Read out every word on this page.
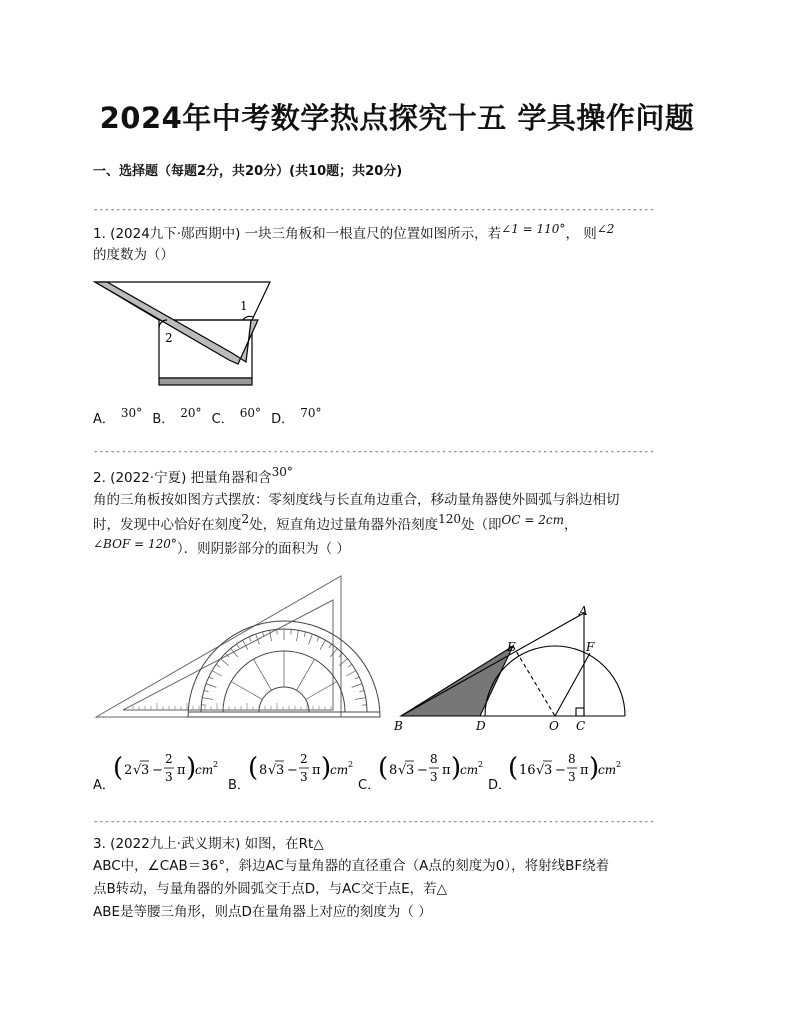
2024年中考数学热点探究十五 学具操作问题
一、选择题（每题2分，共20分）(共10题；共20分)
----------------------------------------------------------------------------------------------------
1. (2024九下·郧西期中) 一块三角板和一根直尺的位置如图所示，若∠1 = 110°， 则∠2
的度数为（）
1
2
A． 30° B． 20° C． 60° D． 70°
----------------------------------------------------------------------------------------------------
2. (2022·宁夏) 把量角器和含30°
角的三角板按如图方式摆放：零刻度线与长直角边重合，移动量角器使外圆弧与斜边相切
时，发现中心恰好在刻度2处，短直角边过量角器外沿刻度120处（即OC = 2cm，
∠BOF = 120°）．则阴影部分的面积为（ ）
A
B	C
D
E	F
O
A．
( 2 √ 3 −
2
3 π )
cm 2
B．
( 8 √ 3 −
2
3 π )
cm 2
C．
( 8 √ 3 −
8
3 π )
cm 2
D．
( 16 √ 3 −
8
3 π )
cm 2
----------------------------------------------------------------------------------------------------
3. (2022九上·武义期末) 如图，在Rt△
ABC中，∠CAB＝36°，斜边AC与量角器的直径重合（A点的刻度为0），将射线BF绕着
点B转动，与量角器的外圆弧交于点D，与AC交于点E，若△
ABE是等腰三角形，则点D在量角器上对应的刻度为（ ）
